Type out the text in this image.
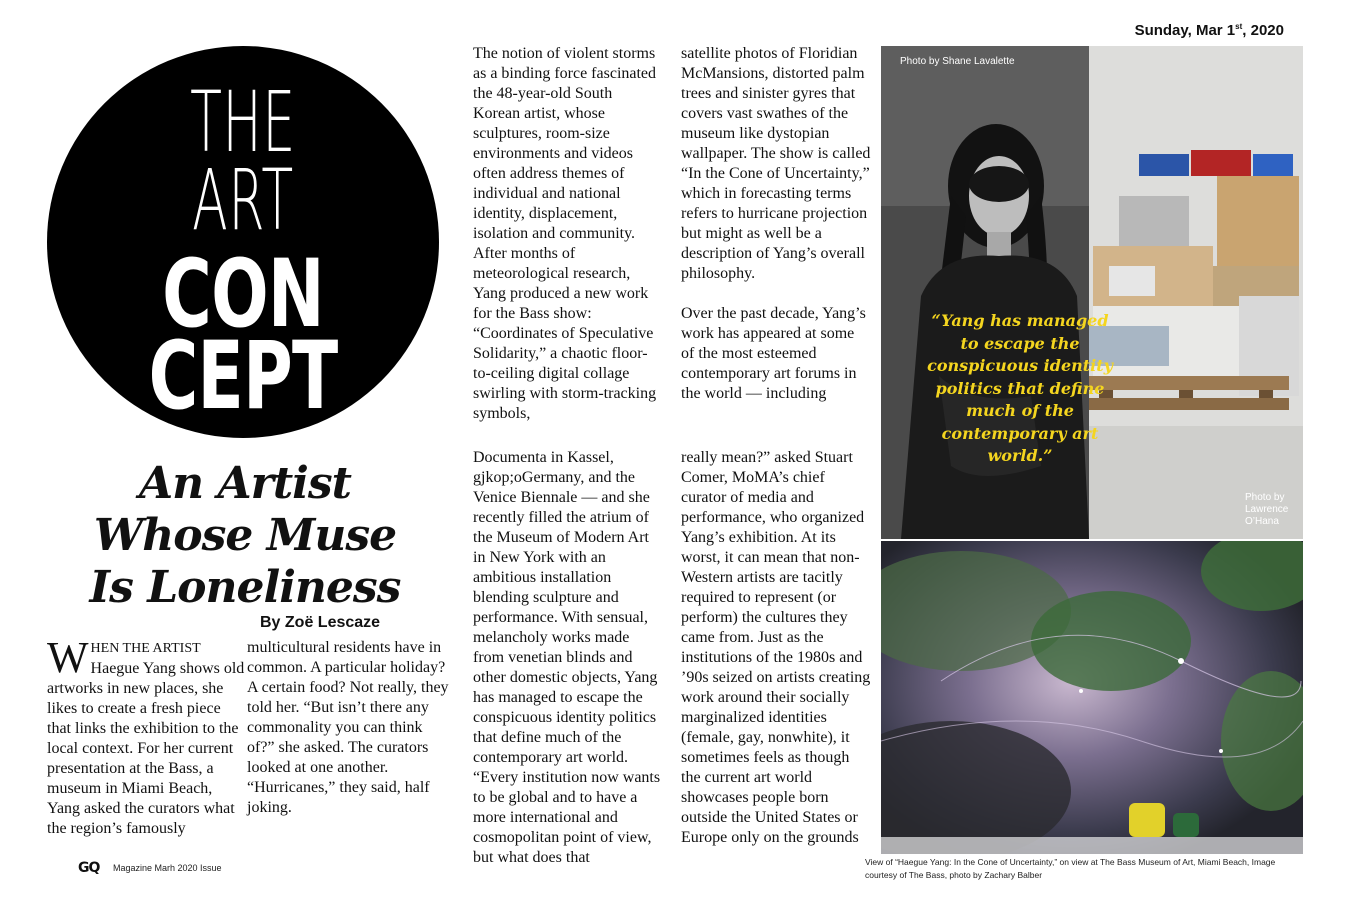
Sunday, Mar 1st, 2020
THE
ART
CON
CEPT
An Artist
Whose Muse
Is Loneliness
By Zoë Lescaze
WHEN THE ARTIST Haegue Yang shows old artworks in new places, she likes to create a fresh piece that links the exhibition to the local context. For her current presentation at the Bass, a museum in Miami Beach, Yang asked the curators what the region’s famously

multicultural residents have in common. A particular holiday? A certain food? Not really, they told her. “But isn’t there any commonality you can think of?” she asked. The curators looked at one another. “Hurricanes,” they said, half joking.

The notion of violent storms as a binding force fascinated the 48-year-old South Korean artist, whose sculptures, room-size environments and videos often address themes of individual and national identity, displacement, isolation and community. After months of meteorological research, Yang produced a new work for the Bass show: “Coordinates of Speculative Solidarity,” a chaotic floor-to-ceiling digital collage swirling with storm-tracking symbols,

satellite photos of Floridian McMansions, distorted palm trees and sinister gyres that covers vast swathes of the museum like dystopian wallpaper. The show is called “In the Cone of Uncertainty,” which in forecasting terms refers to hurricane projection but might as well be a description of Yang’s overall philosophy.

Over the past decade, Yang’s work has appeared at some of the most esteemed contemporary art forums in the world — including

Documenta in Kassel, gjkop;oGermany, and the Venice Biennale — and she recently filled the atrium of the Museum of Modern Art in New York with an ambitious installation blending sculpture and performance. With sensual, melancholy works made from venetian blinds and other domestic objects, Yang has managed to escape the conspicuous identity politics that define much of the contemporary art world. “Every institution now wants to be global and to have a more international and cosmopolitan point of view, but what does that

really mean?” asked Stuart Comer, MoMA’s chief curator of media and performance, who organized Yang’s exhibition. At its worst, it can mean that non-Western artists are tacitly required to represent (or perform) the cultures they came from. Just as the institutions of the 1980s and ’90s seized on artists creating work around their socially marginalized identities (female, gay, nonwhite), it sometimes feels as though the current art world showcases people born outside the United States or Europe only on the grounds

Photo by Shane Lavalette
Photo by Lawrence O’Hana
“Yang has managed to escape the conspicuous identity politics that define much of the contemporary art world.”
View of “Haegue Yang: In the Cone of Uncertainty,” on view at The Bass Museum of Art, Miami Beach, Image courtesy of The Bass, photo by Zachary Balber
GQ Magazine Marh 2020 Issue
